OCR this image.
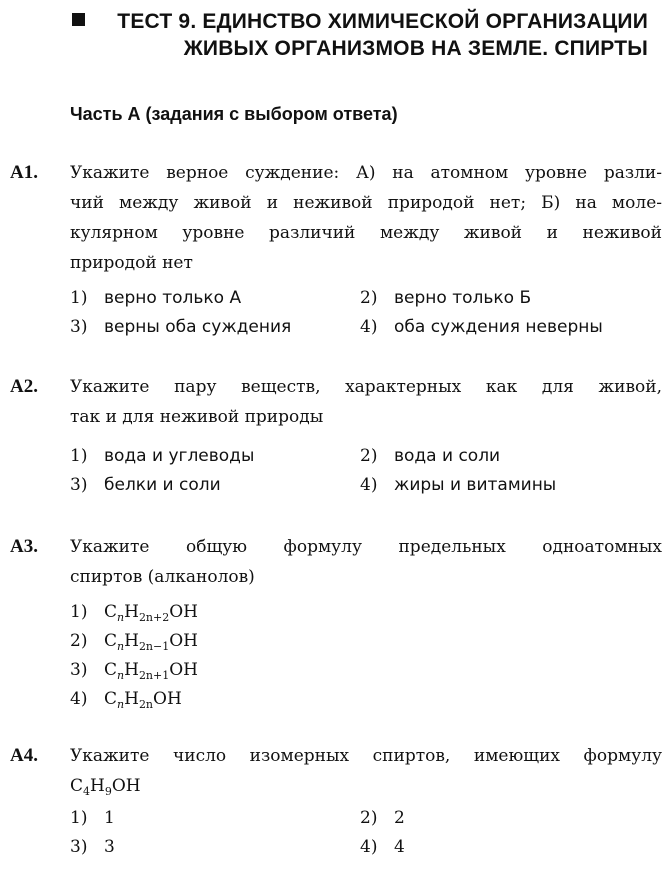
ТЕСТ 9. ЕДИНСТВО ХИМИЧЕСКОЙ ОРГАНИЗАЦИИ
ЖИВЫХ ОРГАНИЗМОВ НА ЗЕМЛЕ. СПИРТЫ
Часть А (задания с выбором ответа)
А1. Укажите верное суждение: А) на атомном уровне разли-
чий между живой и неживой природой нет; Б) на моле-
кулярном уровне различий между живой и неживой
природой нет
1) верно только А	2) верно только Б
3) верны оба суждения	4) оба суждения неверны
А2. Укажите пару веществ, характерных как для живой,
так и для неживой природы
1) вода и углеводы	2) вода и соли
3) белки и соли	4) жиры и витамины
А3. Укажите общую формулу предельных одноатомных
спиртов (алканолов)
1) $C_nH_{2n+2}OH$
2) $C_nH_{2n-1}OH$
3) $C_nH_{2n+1}OH$
4) $C_nH_{2n}OH$
А4. Укажите число изомерных спиртов, имеющих формулу
$C_4H_9OH$
1) 1	2) 2
3) 3	4) 4
